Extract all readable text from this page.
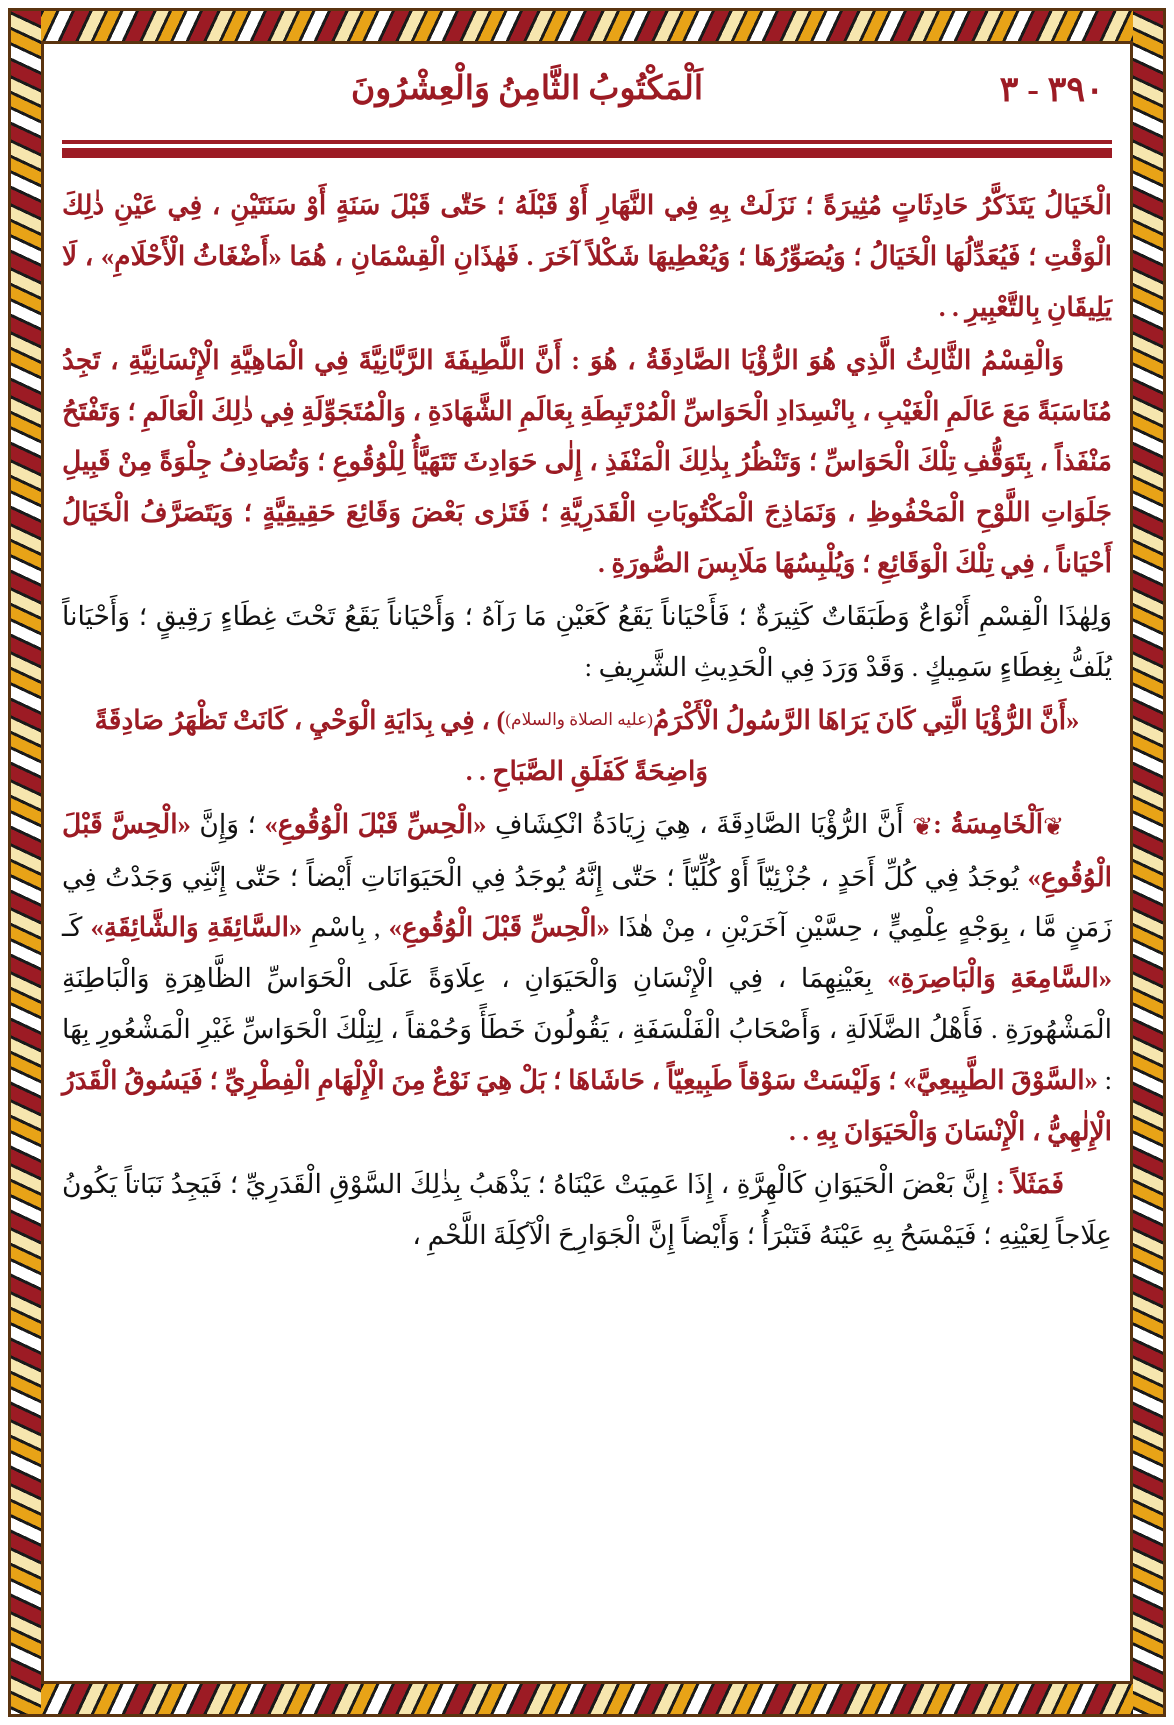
٣٩٠ - ٣
اَلْمَكْتُوبُ الثَّامِنُ وَالْعِشْرُونَ

الْخَيَالُ يَتَذَكَّرُ حَادِثَاتٍ مُثِيرَةً ؛ نَزَلَتْ بِهِ فِي النَّهَارِ أَوْ قَبْلَهُ ؛ حَتّٰى قَبْلَ سَنَةٍ أَوْ سَنَتَيْنِ ، فِي عَيْنِ ذٰلِكَ الْوَقْتِ ؛ فَيُعَدِّلُهَا الْخَيَالُ ؛ وَيُصَوِّرُهَا ؛ وَيُعْطِيهَا شَكْلاً آخَرَ . فَهٰذَانِ الْقِسْمَانِ ، هُمَا «أَضْغَاثُ الْأَحْلَامِ» ، لَا يَلِيقَانِ بِالتَّعْبِيرِ . .

وَالْقِسْمُ الثَّالِثُ الَّذِي هُوَ الرُّؤْيَا الصَّادِقَةُ ، هُوَ : أَنَّ اللَّطِيفَةَ الرَّبَّانِيَّةَ فِي الْمَاهِيَّةِ الْإِنْسَانِيَّةِ ، تَجِدُ مُنَاسَبَةً مَعَ عَالَمِ الْغَيْبِ ، بِانْسِدَادِ الْحَوَاسِّ الْمُرْتَبِطَةِ بِعَالَمِ الشَّهَادَةِ ، وَالْمُتَجَوِّلَةِ فِي ذٰلِكَ الْعَالَمِ ؛ وَتَفْتَحُ مَنْفَذاً ، بِتَوَقُّفِ تِلْكَ الْحَوَاسِّ ؛ وَتَنْظُرُ بِذٰلِكَ الْمَنْفَذِ ، إِلٰى حَوَادِثَ تَتَهَيَّأُ لِلْوُقُوعِ ؛ وَتُصَادِفُ جِلْوَةً مِنْ قَبِيلِ جَلَوَاتِ اللَّوْحِ الْمَحْفُوظِ ، وَنَمَاذِجَ الْمَكْتُوبَاتِ الْقَدَرِيَّةِ ؛ فَتَرٰى بَعْضَ وَقَائِعَ حَقِيقِيَّةٍ ؛ وَيَتَصَرَّفُ الْخَيَالُ أَحْيَاناً ، فِي تِلْكَ الْوَقَائِعِ ؛ وَيُلْبِسُهَا مَلَابِسَ الصُّورَةِ .

وَلِهٰذَا الْقِسْمِ أَنْوَاعٌ وَطَبَقَاتٌ كَثِيرَةٌ ؛ فَأَحْيَاناً يَقَعُ كَعَيْنِ مَا رَآهُ ؛ وَأَحْيَاناً يَقَعُ تَحْتَ غِطَاءٍ رَقِيقٍ ؛ وَأَحْيَاناً يُلَفُّ بِغِطَاءٍ سَمِيكٍ . وَقَدْ وَرَدَ فِي الْحَدِيثِ الشَّرِيفِ :

«أَنَّ الرُّؤْيَا الَّتِي كَانَ يَرَاهَا الرَّسُولُ الْأَكْرَمُ(عليه الصلاة والسلام)) ، فِي بِدَايَةِ الْوَحْيِ ، كَانَتْ تَظْهَرُ صَادِقَةً وَاضِحَةً كَفَلَقِ الصَّبَاحِ . .

❦اَلْخَامِسَةُ :❦ أَنَّ الرُّؤْيَا الصَّادِقَةَ ، هِيَ زِيَادَةُ انْكِشَافِ «الْحِسِّ قَبْلَ الْوُقُوعِ» ؛ وَإِنَّ «الْحِسَّ قَبْلَ الْوُقُوعِ» يُوجَدُ فِي كُلِّ أَحَدٍ ، جُزْئِيّاً أَوْ كُلِّيّاً ؛ حَتّٰى إِنَّهُ يُوجَدُ فِي الْحَيَوَانَاتِ أَيْضاً ؛ حَتّٰى إِنَّنِي وَجَدْتُ فِي زَمَنٍ مَّا ، بِوَجْهٍ عِلْمِيٍّ ، حِسَّيْنِ آخَرَيْنِ ، مِنْ هٰذَا «الْحِسِّ قَبْلَ الْوُقُوعِ» , بِاسْمِ «السَّائِقَةِ وَالشَّائِقَةِ» كَـ «السَّامِعَةِ وَالْبَاصِرَةِ» بِعَيْنِهِمَا ، فِي الْإِنْسَانِ وَالْحَيَوَانِ ، عِلَاوَةً عَلَى الْحَوَاسِّ الظَّاهِرَةِ وَالْبَاطِنَةِ الْمَشْهُورَةِ . فَأَهْلُ الضَّلَالَةِ ، وَأَصْحَابُ الْفَلْسَفَةِ ، يَقُولُونَ خَطَأً وَحُمْقاً ، لِتِلْكَ الْحَوَاسِّ غَيْرِ الْمَشْعُورِ بِهَا : «السَّوْقَ الطَّبِيعِيَّ» ؛ وَلَيْسَتْ سَوْقاً طَبِيعِيّاً ، حَاشَاهَا ؛ بَلْ هِيَ نَوْعٌ مِنَ الْإِلْهَامِ الْفِطْرِيِّ ؛ فَيَسُوقُ الْقَدَرُ الْإِلٰهِيُّ ، الْإِنْسَانَ وَالْحَيَوَانَ بِهِ . .

فَمَثَلاً : إِنَّ بَعْضَ الْحَيَوَانِ كَالْهِرَّةِ ، إِذَا عَمِيَتْ عَيْنَاهُ ؛ يَذْهَبُ بِذٰلِكَ السَّوْقِ الْقَدَرِيِّ ؛ فَيَجِدُ نَبَاتاً يَكُونُ عِلَاجاً لِعَيْنِهِ ؛ فَيَمْسَحُ بِهِ عَيْنَهُ فَتَبْرَأُ ؛ وَأَيْضاً إِنَّ الْجَوَارِحَ الْآكِلَةَ اللَّحْمِ ،
